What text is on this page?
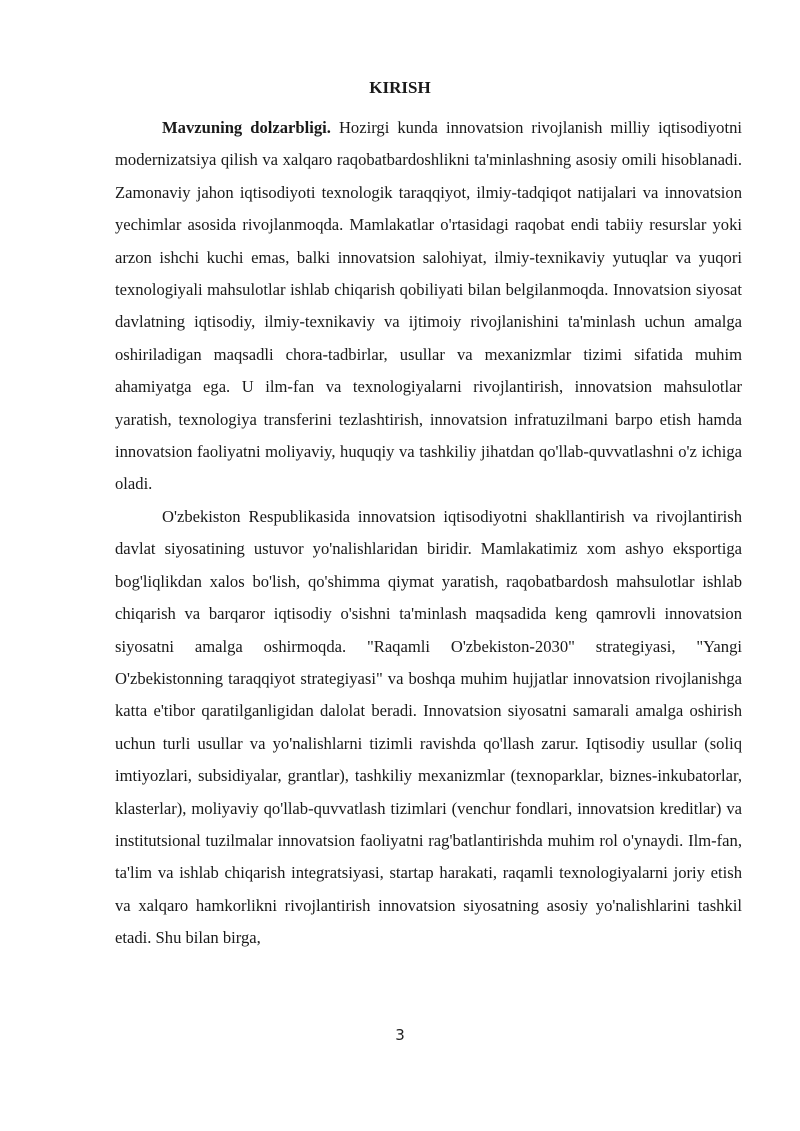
KIRISH

Mavzuning dolzarbligi. Hozirgi kunda innovatsion rivojlanish milliy iqtisodiyotni modernizatsiya qilish va xalqaro raqobatbardoshlikni ta'minlashning asosiy omili hisoblanadi. Zamonaviy jahon iqtisodiyoti texnologik taraqqiyot, ilmiy-tadqiqot natijalari va innovatsion yechimlar asosida rivojlanmoqda. Mamlakatlar o'rtasidagi raqobat endi tabiiy resurslar yoki arzon ishchi kuchi emas, balki innovatsion salohiyat, ilmiy-texnikaviy yutuqlar va yuqori texnologiyali mahsulotlar ishlab chiqarish qobiliyati bilan belgilanmoqda. Innovatsion siyosat davlatning iqtisodiy, ilmiy-texnikaviy va ijtimoiy rivojlanishini ta'minlash uchun amalga oshiriladigan maqsadli chora-tadbirlar, usullar va mexanizmlar tizimi sifatida muhim ahamiyatga ega. U ilm-fan va texnologiyalarni rivojlantirish, innovatsion mahsulotlar yaratish, texnologiya transferini tezlashtirish, innovatsion infratuzilmani barpo etish hamda innovatsion faoliyatni moliyaviy, huquqiy va tashkiliy jihatdan qo'llab-quvvatlashni o'z ichiga oladi.

O'zbekiston Respublikasida innovatsion iqtisodiyotni shakllantirish va rivojlantirish davlat siyosatining ustuvor yo'nalishlaridan biridir. Mamlakatimiz xom ashyo eksportiga bog'liqlikdan xalos bo'lish, qo'shimma qiymat yaratish, raqobatbardosh mahsulotlar ishlab chiqarish va barqaror iqtisodiy o'sishni ta'minlash maqsadida keng qamrovli innovatsion siyosatni amalga oshirmoqda. "Raqamli O'zbekiston-2030" strategiyasi, "Yangi O'zbekistonning taraqqiyot strategiyasi" va boshqa muhim hujjatlar innovatsion rivojlanishga katta e'tibor qaratilganligidan dalolat beradi. Innovatsion siyosatni samarali amalga oshirish uchun turli usullar va yo'nalishlarni tizimli ravishda qo'llash zarur. Iqtisodiy usullar (soliq imtiyozlari, subsidiyalar, grantlar), tashkiliy mexanizmlar (texnoparklar, biznes-inkubatorlar, klasterlar), moliyaviy qo'llab-quvvatlash tizimlari (venchur fondlari, innovatsion kreditlar) va institutsional tuzilmalar innovatsion faoliyatni rag'batlantirishda muhim rol o'ynaydi. Ilm-fan, ta'lim va ishlab chiqarish integratsiyasi, startap harakati, raqamli texnologiyalarni joriy etish va xalqaro hamkorlikni rivojlantirish innovatsion siyosatning asosiy yo'nalishlarini tashkil etadi. Shu bilan birga,

3
